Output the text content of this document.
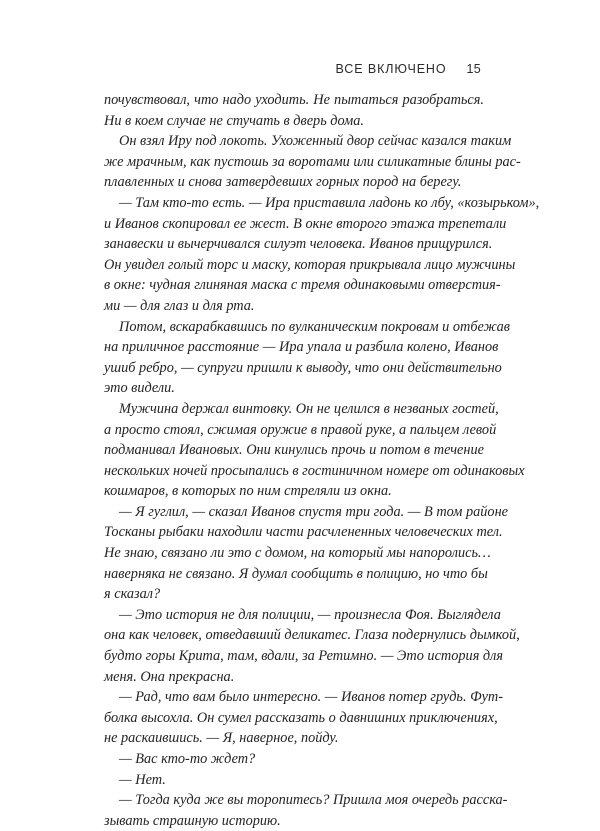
ВСЕ ВКЛЮЧЕНО 15
почувствовал, что надо уходить. Не пытаться разобраться.
Ни в коем случае не стучать в дверь дома.
Он взял Иру под локоть. Ухоженный двор сейчас казался таким
же мрачным, как пустошь за воротами или силикатные блины рас-
плавленных и снова затвердевших горных пород на берегу.
— Там кто-то есть. — Ира приставила ладонь ко лбу, «козырьком»,
и Иванов скопировал ее жест. В окне второго этажа трепетали
занавески и вычерчивался силуэт человека. Иванов прищурился.
Он увидел голый торс и маску, которая прикрывала лицо мужчины
в окне: чудная глиняная маска с тремя одинаковыми отверстия-
ми — для глаз и для рта.
Потом, вскарабкавшись по вулканическим покровам и отбежав
на приличное расстояние — Ира упала и разбила колено, Иванов
ушиб ребро, — супруги пришли к выводу, что они действительно
это видели.
Мужчина держал винтовку. Он не целился в незваных гостей,
а просто стоял, сжимая оружие в правой руке, а пальцем левой
подманивал Ивановых. Они кинулись прочь и потом в течение
нескольких ночей просыпались в гостиничном номере от одинаковых
кошмаров, в которых по ним стреляли из окна.
— Я гуглил, — сказал Иванов спустя три года. — В том районе
Тосканы рыбаки находили части расчлененных человеческих тел.
Не знаю, связано ли это с домом, на который мы напоролись…
наверняка не связано. Я думал сообщить в полицию, но что бы
я сказал?
— Это история не для полиции, — произнесла Фоя. Выглядела
она как человек, отведавший деликатес. Глаза подернулись дымкой,
будто горы Крита, там, вдали, за Ретимно. — Это история для
меня. Она прекрасна.
— Рад, что вам было интересно. — Иванов потер грудь. Фут-
болка высохла. Он сумел рассказать о давнишних приключениях,
не раскаившись. — Я, наверное, пойду.
— Вас кто-то ждет?
— Нет.
— Тогда куда же вы торопитесь? Пришла моя очередь расска-
зывать страшную историю.
